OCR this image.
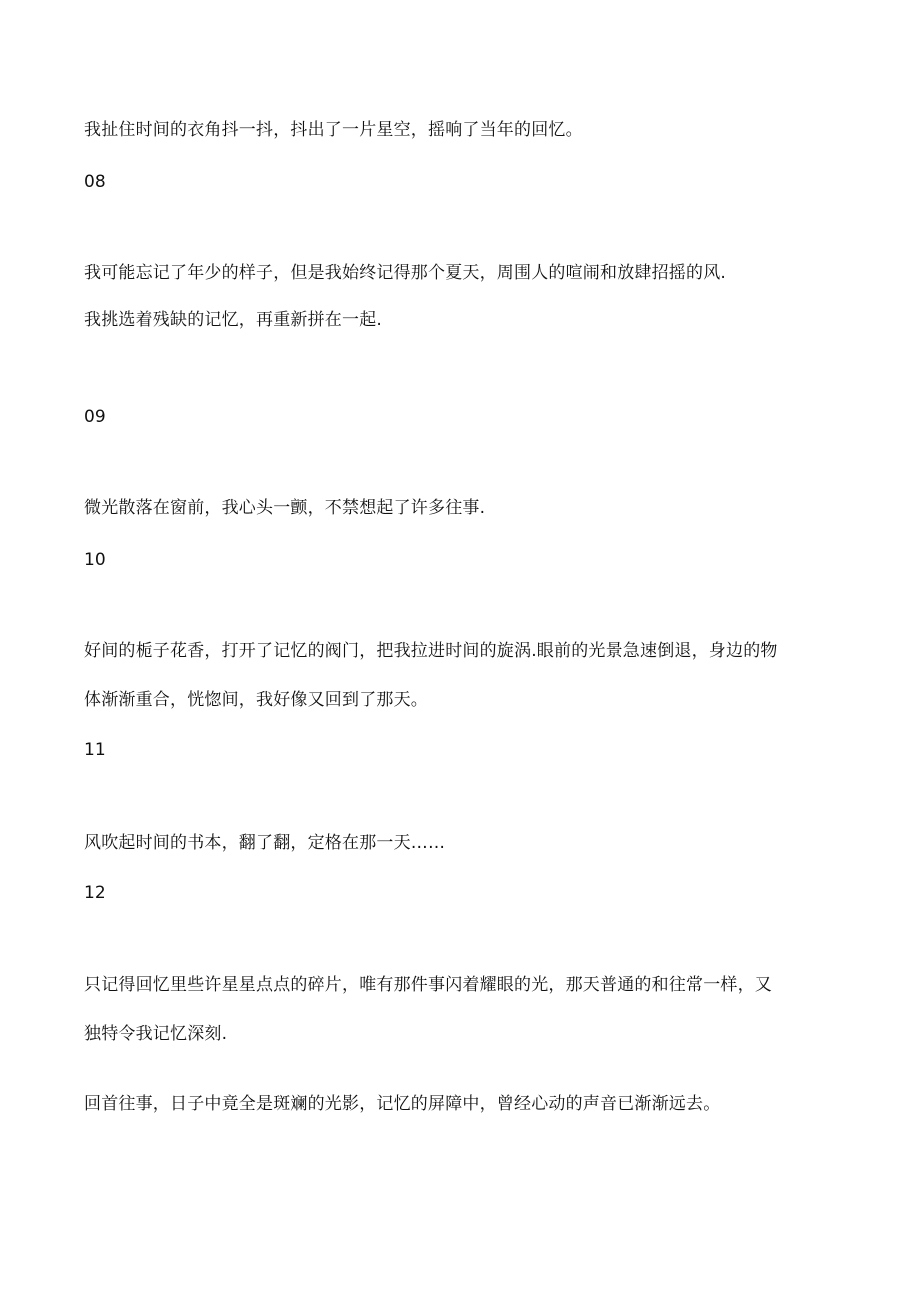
我扯住时间的衣角抖一抖，抖出了一片星空，摇响了当年的回忆。

08

我可能忘记了年少的样子，但是我始终记得那个夏天，周围人的喧闹和放肆招摇的风.

我挑选着残缺的记忆，再重新拼在一起.

09

微光散落在窗前，我心头一颤，不禁想起了许多往事.

10

好间的栀子花香，打开了记忆的阀门，把我拉进时间的旋涡.眼前的光景急速倒退，身边的物

体渐渐重合，恍惚间，我好像又回到了那天。

11

风吹起时间的书本，翻了翻，定格在那一天……

12

只记得回忆里些许星星点点的碎片，唯有那件事闪着耀眼的光，那天普通的和往常一样，又

独特令我记忆深刻.

回首往事，日子中竟全是斑斓的光影，记忆的屏障中，曾经心动的声音已渐渐远去。
